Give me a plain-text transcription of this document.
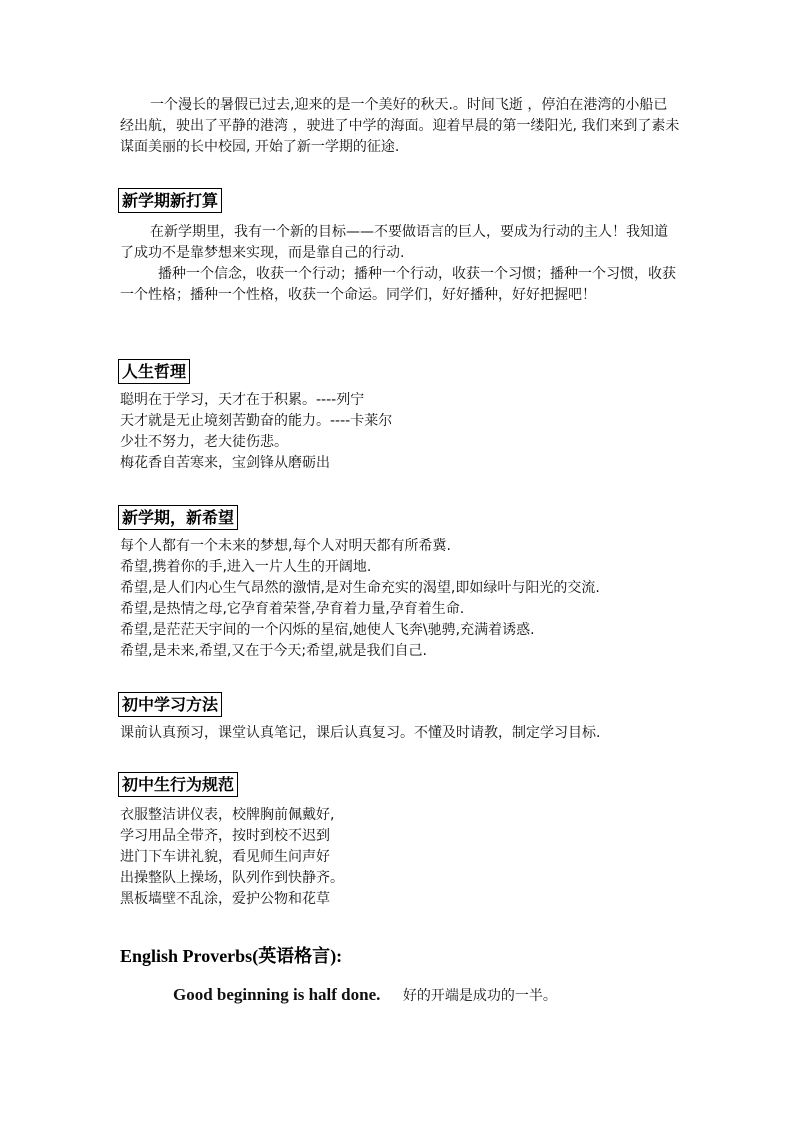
一个漫长的暑假已过去,迎来的是一个美好的秋天.。时间飞逝 ，停泊在港湾的小船已经出航，驶出了平静的港湾 ，驶进了中学的海面。迎着早晨的第一缕阳光, 我们来到了素未谋面美丽的长中校园, 开始了新一学期的征途.

新学期新打算

在新学期里，我有一个新的目标——不要做语言的巨人，要成为行动的主人！我知道了成功不是靠梦想来实现，而是靠自己的行动.

播种一个信念，收获一个行动；播种一个行动，收获一个习惯；播种一个习惯，收获一个性格；播种一个性格，收获一个命运。同学们，好好播种，好好把握吧！

人生哲理
聪明在于学习，天才在于积累。----列宁
天才就是无止境刻苦勤奋的能力。----卡莱尔
少壮不努力，老大徒伤悲。
梅花香自苦寒来，宝剑锋从磨砺出
新学期，新希望
每个人都有一个未来的梦想,每个人对明天都有所希冀.
希望,携着你的手,进入一片人生的开阔地.
希望,是人们内心生气昂然的激情,是对生命充实的渴望,即如绿叶与阳光的交流.
希望,是热情之母,它孕育着荣誉,孕育着力量,孕育着生命.
希望,是茫茫天宇间的一个闪烁的星宿,她使人飞奔\驰骋,充满着诱惑.
希望,是未来,希望,又在于今天;希望,就是我们自己.
初中学习方法
课前认真预习，课堂认真笔记，课后认真复习。不懂及时请教，制定学习目标.
初中生行为规范
衣服整洁讲仪表，校牌胸前佩戴好,
学习用品全带齐，按时到校不迟到
进门下车讲礼貌，看见师生问声好
出操整队上操场，队列作到快静齐。
黑板墙壁不乱涂，爱护公物和花草
English Proverbs(英语格言):
Good beginning is half done. 好的开端是成功的一半。
